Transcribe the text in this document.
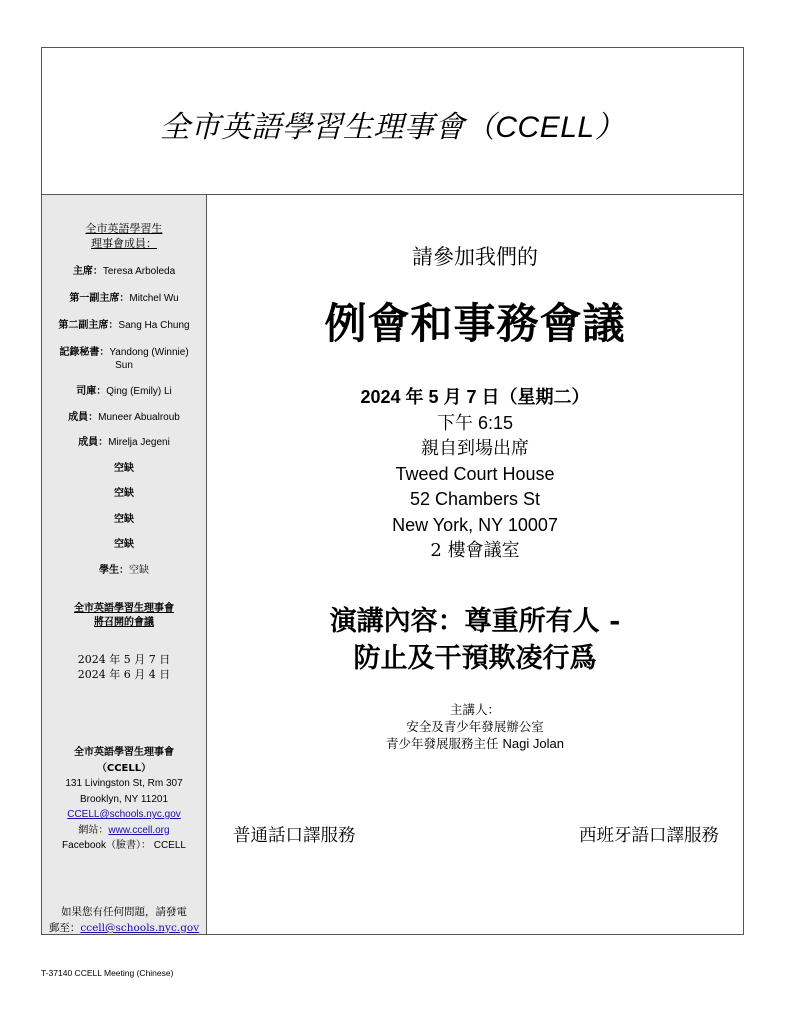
全市英語學習生理事會（CCELL）
全市英語學習生
理事會成員：
主席：Teresa Arboleda
第一副主席：Mitchel Wu
第二副主席：Sang Ha Chung
記錄秘書：Yandong (Winnie) Sun
司庫：Qing (Emily) Li
成員：Muneer Abualroub
成員：Mirelja Jegeni
空缺
空缺
空缺
空缺
學生：空缺
全市英語學習生理事會
將召開的會議
2024 年 5 月 7 日
2024 年 6 月 4 日
全市英語學習生理事會
（CCELL）
131 Livingston St, Rm 307
Brooklyn, NY 11201
CCELL@schools.nyc.gov
網站：www.ccell.org
Facebook（臉書）： CCELL
如果您有任何問題，請發電
郵至：ccell@schools.nyc.gov
請參加我們的
例會和事務會議
2024 年 5 月 7 日（星期二）
下午 6:15
親自到場出席
Tweed Court House
52 Chambers St
New York, NY 10007
2 樓會議室
演講內容：尊重所有人 -
防止及干預欺凌行爲
主講人：
安全及青少年發展辦公室
青少年發展服務主任 Nagi Jolan
普通話口譯服務	西班牙語口譯服務
T-37140 CCELL Meeting (Chinese)
